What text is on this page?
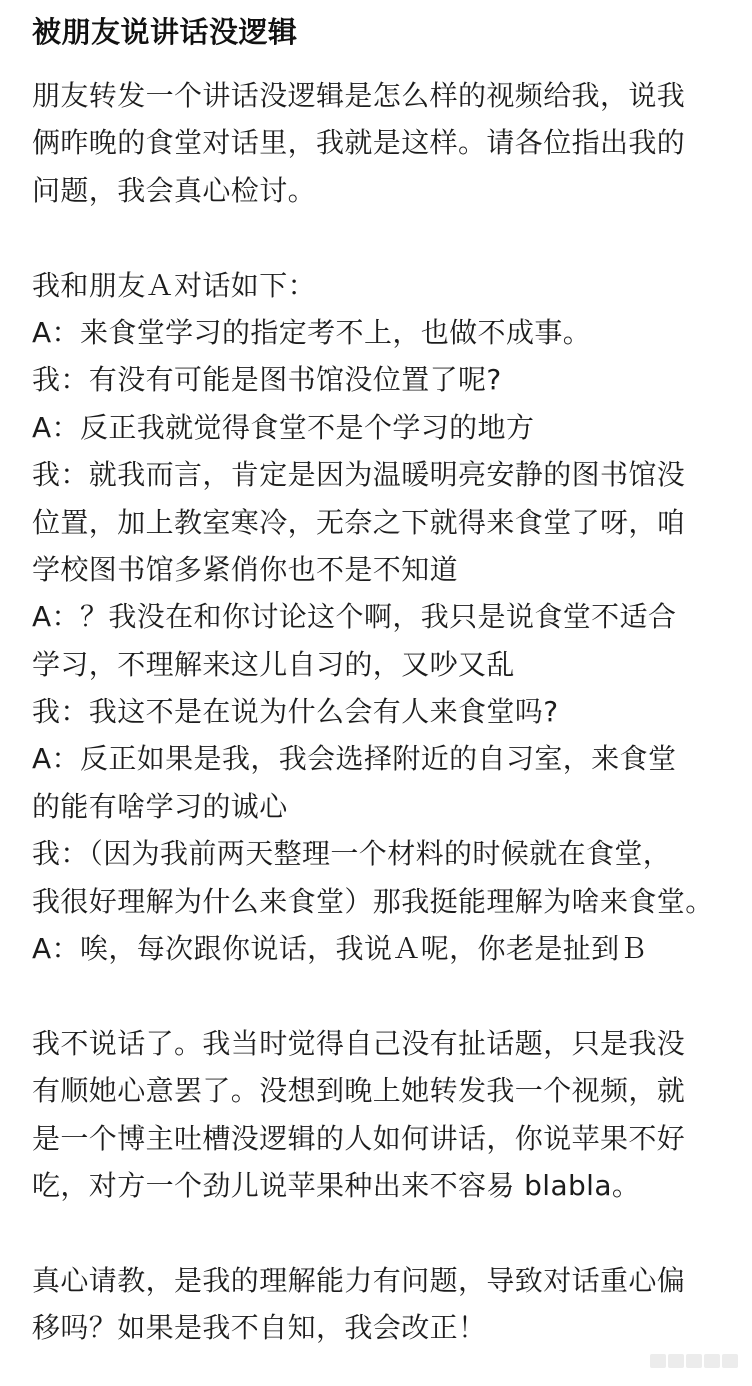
被朋友说讲话没逻辑
朋友转发一个讲话没逻辑是怎么样的视频给我，说我
俩昨晚的食堂对话里，我就是这样。请各位指出我的
问题，我会真心检讨。
我和朋友Ａ对话如下：
A：来食堂学习的指定考不上，也做不成事。
我：有没有可能是图书馆没位置了呢?
A：反正我就觉得食堂不是个学习的地方
我：就我而言，肯定是因为温暖明亮安静的图书馆没
位置，加上教室寒冷，无奈之下就得来食堂了呀，咱
学校图书馆多紧俏你也不是不知道
A：？我没在和你讨论这个啊，我只是说食堂不适合
学习，不理解来这儿自习的，又吵又乱
我：我这不是在说为什么会有人来食堂吗?
A：反正如果是我，我会选择附近的自习室，来食堂
的能有啥学习的诚心
我：（因为我前两天整理一个材料的时候就在食堂，
我很好理解为什么来食堂）那我挺能理解为啥来食堂。
A：唉，每次跟你说话，我说Ａ呢，你老是扯到Ｂ
我不说话了。我当时觉得自己没有扯话题，只是我没
有顺她心意罢了。没想到晚上她转发我一个视频，就
是一个博主吐槽没逻辑的人如何讲话，你说苹果不好
吃，对方一个劲儿说苹果种出来不容易 blabla。
真心请教，是我的理解能力有问题，导致对话重心偏
移吗？如果是我不自知，我会改正！
